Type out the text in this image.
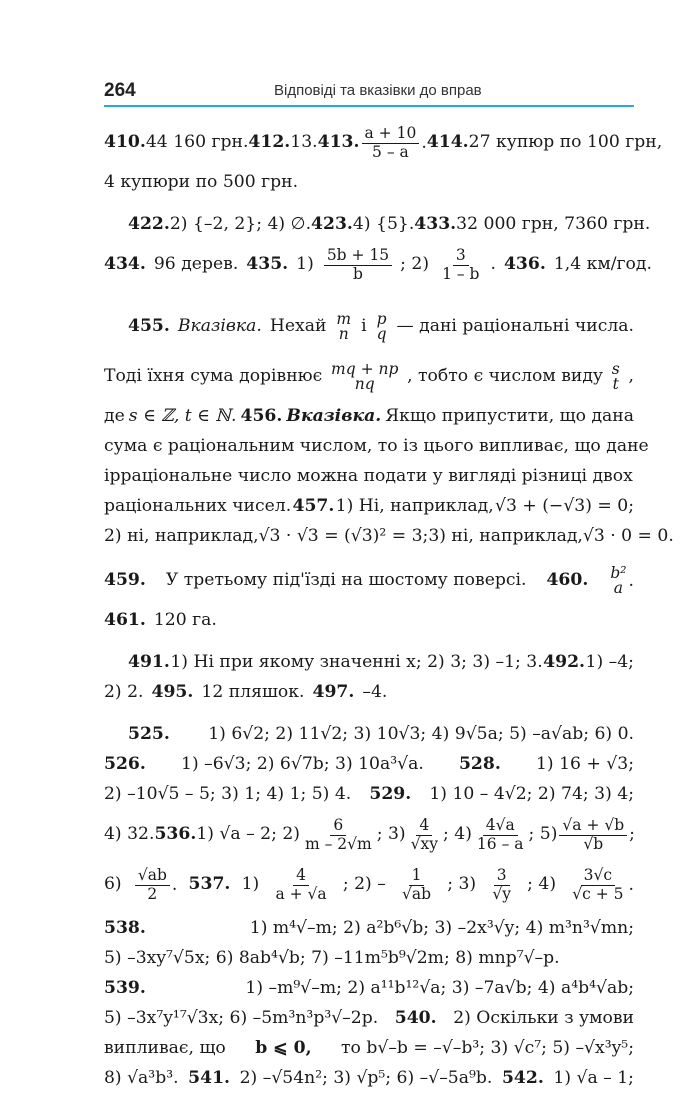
264	Відповіді та вказівки до вправ
410. 44 160 грн. 412. 13. 413. $\frac{a + 10}{5 - a}$ . 414. 27 купюр по 100 грн,
4 купюри по 500 грн.
422. 2) {–2, 2}; 4) ∅. 423. 4) {5}. 433. 32 000 грн, 7360 грн.
434. 96 дерев. 435. $1) \frac{5b + 15}{b}$ ; $2) \frac{3}{1 - b}$ . 436. 1,4 км/год.
455. Вказівка. Нехай m
n і p
q — дані раціональні числа.
Тоді їхня сума дорівнює mq + np
nq , тобто є числом виду s
t ,
де s ∈ ℤ, t ∈ ℕ. 456. Вказівка. Якщо припустити, що дана
сума є раціональним числом, то із цього випливає, що дане
ірраціональне число можна подати у вигляді різниці двох
раціональних чисел. 457. 1) Ні, наприклад, √3 + (−√3) = 0;
2) ні, наприклад, √3 · √3 = (√3)² = 3; 3) ні, наприклад, √3 · 0 = 0.
459. У третьому під'їзді на шостому поверсі. 460. b²
a .
461. 120 га.
491. 1) Ні при якому значенні x; 2) 3; 3) –1; 3. 492. 1) –4;
2) 2. 495. 12 пляшок. 497. –4.
525. 1) 6√2; 2) 11√2; 3) 10√3; 4) 9√5a; 5) –a√ab; 6) 0.
526. 1) –6√3; 2) 6√7b; 3) 10a³√a. 528. 1) 16 + √3;
2) –10√5 – 5; 3) 1; 4) 1; 5) 4. 529. 1) 10 – 4√2; 2) 74; 3) 4;
4) 32. 536. 1) √a – 2; $2) \frac{6}{m - 2√m}$ ; $3) \frac{4}{√xy}$ ; $4) \frac{4√a}{16 - a}$ ; $5) \frac{√a + √b}{√b}$ ;
$6) \frac{√ab}{2}$ . 537. $1) \frac{4}{a + √a}$ ; $2) - \frac{1}{√ab}$ ; $3) \frac{3}{√y}$ ; $4) \frac{3√c}{√c + 5}$ .
538.	1) m⁴√–m; 2) a²b⁶√b; 3) –2x³√y; 4) m³n³√mn;
5) –3xy⁷√5x; 6) 8ab⁴√b; 7) –11m⁵b⁹√2m; 8) mnp⁷√–p.
539.	1) –m⁹√–m; 2) a¹¹b¹²√a; 3) –7a√b; 4) a⁴b⁴√ab;
5) –3x⁷y¹⁷√3x; 6) –5m³n³p³√–2p. 540. 2) Оскільки з умови
випливає, що b ⩽ 0, то b√–b = –√–b³; 3) √c⁷; 5) –√x³y⁵;
8) √a³b³. 541. 2) –√54n²; 3) √p⁵; 6) –√–5a⁹b. 542. 1) √a – 1;
